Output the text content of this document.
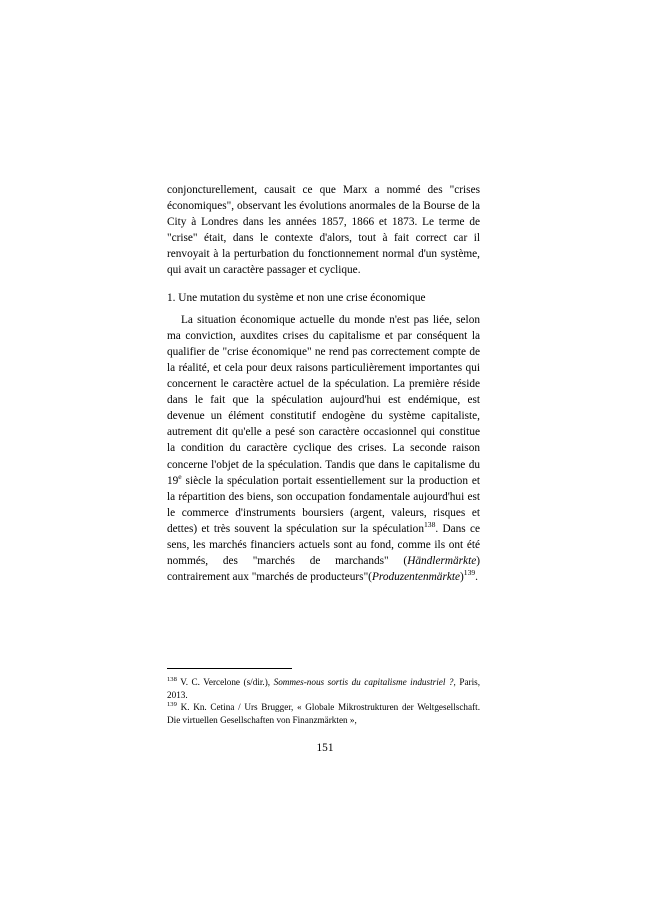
conjoncturellement, causait ce que Marx a nommé des "crises économiques", observant les évolutions anormales de la Bourse de la City à Londres dans les années 1857, 1866 et 1873. Le terme de "crise" était, dans le contexte d'alors, tout à fait correct car il renvoyait à la perturbation du fonctionnement normal d'un système, qui avait un caractère passager et cyclique.

1. Une mutation du système et non une crise économique

La situation économique actuelle du monde n'est pas liée, selon ma conviction, auxdites crises du capitalisme et par conséquent la qualifier de "crise économique" ne rend pas correctement compte de la réalité, et cela pour deux raisons particulièrement importantes qui concernent le caractère actuel de la spéculation. La première réside dans le fait que la spéculation aujourd'hui est endémique, est devenue un élément constitutif endogène du système capitaliste, autrement dit qu'elle a pesé son caractère occasionnel qui constitue la condition du caractère cyclique des crises. La seconde raison concerne l'objet de la spéculation. Tandis que dans le capitalisme du 19e siècle la spéculation portait essentiellement sur la production et la répartition des biens, son occupation fondamentale aujourd'hui est le commerce d'instruments boursiers (argent, valeurs, risques et dettes) et très souvent la spéculation sur la spéculation$^{138}$. Dans ce sens, les marchés financiers actuels sont au fond, comme ils ont été nommés, des "marchés de marchands" (Händlermärkte) contrairement aux "marchés de producteurs"(Produzentenmärkte)$^{139}$.

$^{138}$ V. C. Vercelone (s/dir.), Sommes-nous sortis du capitalisme industriel ?, Paris, 2013.

$^{139}$ K. Kn. Cetina / Urs Brugger, « Globale Mikrostrukturen der Weltgesellschaft. Die virtuellen Gesellschaften von Finanzmärkten »,

151
